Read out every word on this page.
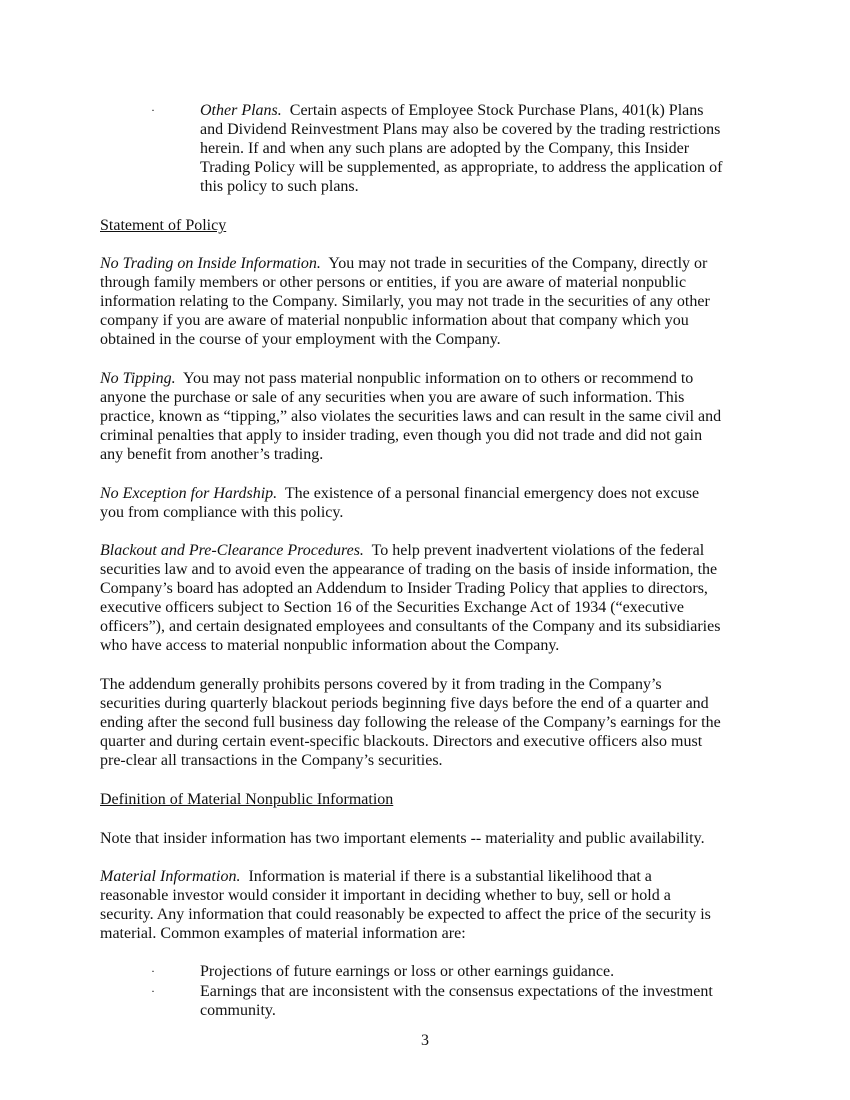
·	Other Plans.  Certain aspects of Employee Stock Purchase Plans, 401(k) Plans
and Dividend Reinvestment Plans may also be covered by the trading restrictions
herein. If and when any such plans are adopted by the Company, this Insider
Trading Policy will be supplemented, as appropriate, to address the application of
this policy to such plans.
Statement of Policy
No Trading on Inside Information.  You may not trade in securities of the Company, directly or
through family members or other persons or entities, if you are aware of material nonpublic
information relating to the Company. Similarly, you may not trade in the securities of any other
company if you are aware of material nonpublic information about that company which you
obtained in the course of your employment with the Company.
No Tipping.  You may not pass material nonpublic information on to others or recommend to
anyone the purchase or sale of any securities when you are aware of such information. This
practice, known as “tipping,” also violates the securities laws and can result in the same civil and
criminal penalties that apply to insider trading, even though you did not trade and did not gain
any benefit from another’s trading.
No Exception for Hardship.  The existence of a personal financial emergency does not excuse
you from compliance with this policy.
Blackout and Pre-Clearance Procedures.  To help prevent inadvertent violations of the federal
securities law and to avoid even the appearance of trading on the basis of inside information, the
Company’s board has adopted an Addendum to Insider Trading Policy that applies to directors,
executive officers subject to Section 16 of the Securities Exchange Act of 1934 (“executive
officers”), and certain designated employees and consultants of the Company and its subsidiaries
who have access to material nonpublic information about the Company.
The addendum generally prohibits persons covered by it from trading in the Company’s
securities during quarterly blackout periods beginning five days before the end of a quarter and
ending after the second full business day following the release of the Company’s earnings for the
quarter and during certain event-specific blackouts. Directors and executive officers also must
pre-clear all transactions in the Company’s securities.
Definition of Material Nonpublic Information
Note that insider information has two important elements -- materiality and public availability.
Material Information.  Information is material if there is a substantial likelihood that a
reasonable investor would consider it important in deciding whether to buy, sell or hold a
security. Any information that could reasonably be expected to affect the price of the security is
material. Common examples of material information are:
·	Projections of future earnings or loss or other earnings guidance.
·	Earnings that are inconsistent with the consensus expectations of the investment
community.
3
